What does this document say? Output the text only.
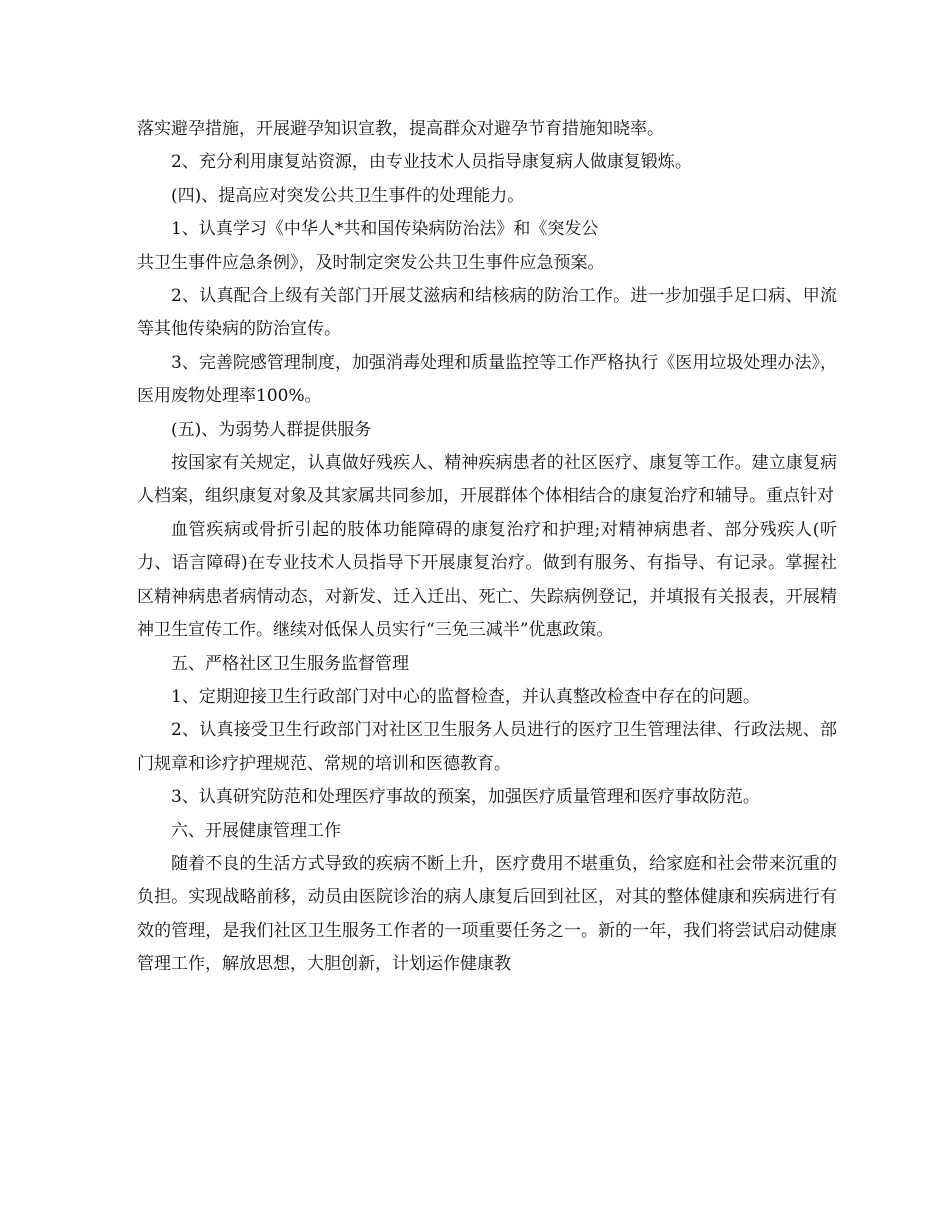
落实避孕措施，开展避孕知识宣教，提高群众对避孕节育措施知晓率。

2、充分利用康复站资源，由专业技术人员指导康复病人做康复锻炼。

(四)、提高应对突发公共卫生事件的处理能力。

1、认真学习《中华人*共和国传染病防治法》和《突发公

共卫生事件应急条例》，及时制定突发公共卫生事件应急预案。

2、认真配合上级有关部门开展艾滋病和结核病的防治工作。进一步加强手足口病、甲流等其他传染病的防治宣传。

3、完善院感管理制度，加强消毒处理和质量监控等工作严格执行《医用垃圾处理办法》，医用废物处理率100%。

(五)、为弱势人群提供服务

按国家有关规定，认真做好残疾人、精神疾病患者的社区医疗、康复等工作。建立康复病人档案，组织康复对象及其家属共同参加，开展群体个体相结合的康复治疗和辅导。重点针对

血管疾病或骨折引起的肢体功能障碍的康复治疗和护理;对精神病患者、部分残疾人(听力、语言障碍)在专业技术人员指导下开展康复治疗。做到有服务、有指导、有记录。掌握社区精神病患者病情动态，对新发、迁入迁出、死亡、失踪病例登记，并填报有关报表，开展精神卫生宣传工作。继续对低保人员实行“三免三减半”优惠政策。

五、严格社区卫生服务监督管理

1、定期迎接卫生行政部门对中心的监督检查，并认真整改检查中存在的问题。

2、认真接受卫生行政部门对社区卫生服务人员进行的医疗卫生管理法律、行政法规、部门规章和诊疗护理规范、常规的培训和医德教育。

3、认真研究防范和处理医疗事故的预案，加强医疗质量管理和医疗事故防范。

六、开展健康管理工作

随着不良的生活方式导致的疾病不断上升，医疗费用不堪重负，给家庭和社会带来沉重的负担。实现战略前移，动员由医院诊治的病人康复后回到社区，对其的整体健康和疾病进行有效的管理，是我们社区卫生服务工作者的一项重要任务之一。新的一年，我们将尝试启动健康管理工作，解放思想，大胆创新，计划运作健康教
